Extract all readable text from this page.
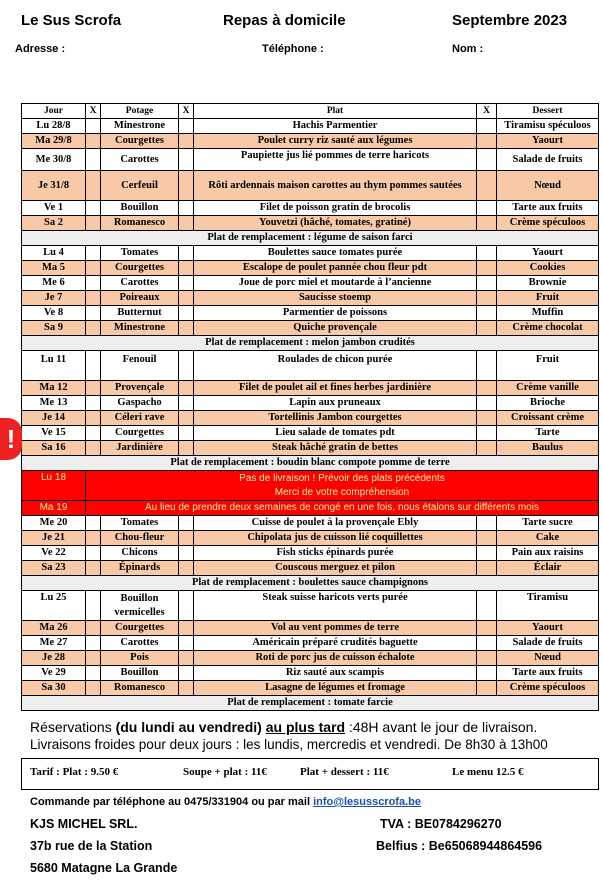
Le Sus Scrofa	Repas à domicile	Septembre 2023
Adresse :	Téléphone :	Nom :
Jour	X	Potage	X	Plat	X	Dessert
Lu 28/8		Minestrone		Hachis Parmentier		Tiramisu spéculoos
Ma 29/8		Courgettes		Poulet curry riz sauté aux légumes		Yaourt
Me 30/8		Carottes		Paupiette jus lié pommes de terre haricots		Salade de fruits
Je 31/8		Cerfeuil		Rôti ardennais maison carottes au thym pommes sautées		Nœud
Ve 1		Bouillon		Filet de poisson gratin de brocolis		Tarte aux fruits
Sa 2		Romanesco		Youvetzi (hâché, tomates, gratiné)		Crème spéculoos
Plat de remplacement : légume de saison farci						
Lu 4		Tomates		Boulettes sauce tomates purée		Yaourt
Ma 5		Courgettes		Escalope de poulet pannée chou fleur pdt		Cookies
Me 6		Carottes		Joue de porc miel et moutarde à l’ancienne		Brownie
Je 7		Poireaux		Saucisse stoemp		Fruit
Ve 8		Butternut		Parmentier de poissons		Muffin
Sa 9		Minestrone		Quiche provençale		Crème chocolat
Plat de remplacement : melon jambon crudités						
Lu 11		Fenouil		Roulades de chicon purée		Fruit
Ma 12		Provençale		Filet de poulet ail et fines herbes jardinière		Crème vanille
Me 13		Gaspacho		Lapin aux pruneaux		Brioche
Je 14		Céleri rave		Tortellinis Jambon courgettes		Croissant crème
Ve 15		Courgettes		Lieu salade de tomates pdt		Tarte
Sa 16		Jardinière		Steak hâché gratin de bettes		Baulus
Plat de remplacement : boudin blanc compote pomme de terre						
Lu 18	Pas de livraison ! Prévoir des plats précédents
Merci de votre compréhension					
Ma 19	Au lieu de prendre deux semaines de congé en une fois, nous étalons sur différents mois					
Me 20		Tomates		Cuisse de poulet à la provençale Ebly		Tarte sucre
Je 21		Chou-fleur		Chipolata jus de cuisson lié coquillettes		Cake
Ve 22		Chicons		Fish sticks épinards purée		Pain aux raisins
Sa 23		Épinards		Couscous merguez et pilon		Éclair
Plat de remplacement : boulettes sauce champignons						
Lu 25		Bouillon vermicelles		Steak suisse haricots verts purée		Tiramisu
Ma 26		Courgettes		Vol au vent pommes de terre		Yaourt
Me 27		Carottes		Américain préparé crudités baguette		Salade de fruits
Je 28		Pois		Roti de porc jus de cuisson échalote		Nœud
Ve 29		Bouillon		Riz sauté aux scampis		Tarte aux fruits
Sa 30		Romanesco		Lasagne de légumes et fromage		Crème spéculoos
Plat de remplacement : tomate farcie						
!
Réservations (du lundi au vendredi) au plus tard :48H avant le jour de livraison.
Livraisons froides pour deux jours : les lundis, mercredis et vendredi. De 8h30 à 13h00
Tarif : Plat : 9.50 €	Soupe + plat : 11€	Plat + dessert : 11€	Le menu 12.5 €
Commande par téléphone au 0475/331904 ou par mail info@lesusscrofa.be
KJS MICHEL SRL.
37b rue de la Station
5680 Matagne La Grande
TVA : BE0784296270
Belfius : Be65068944864596
